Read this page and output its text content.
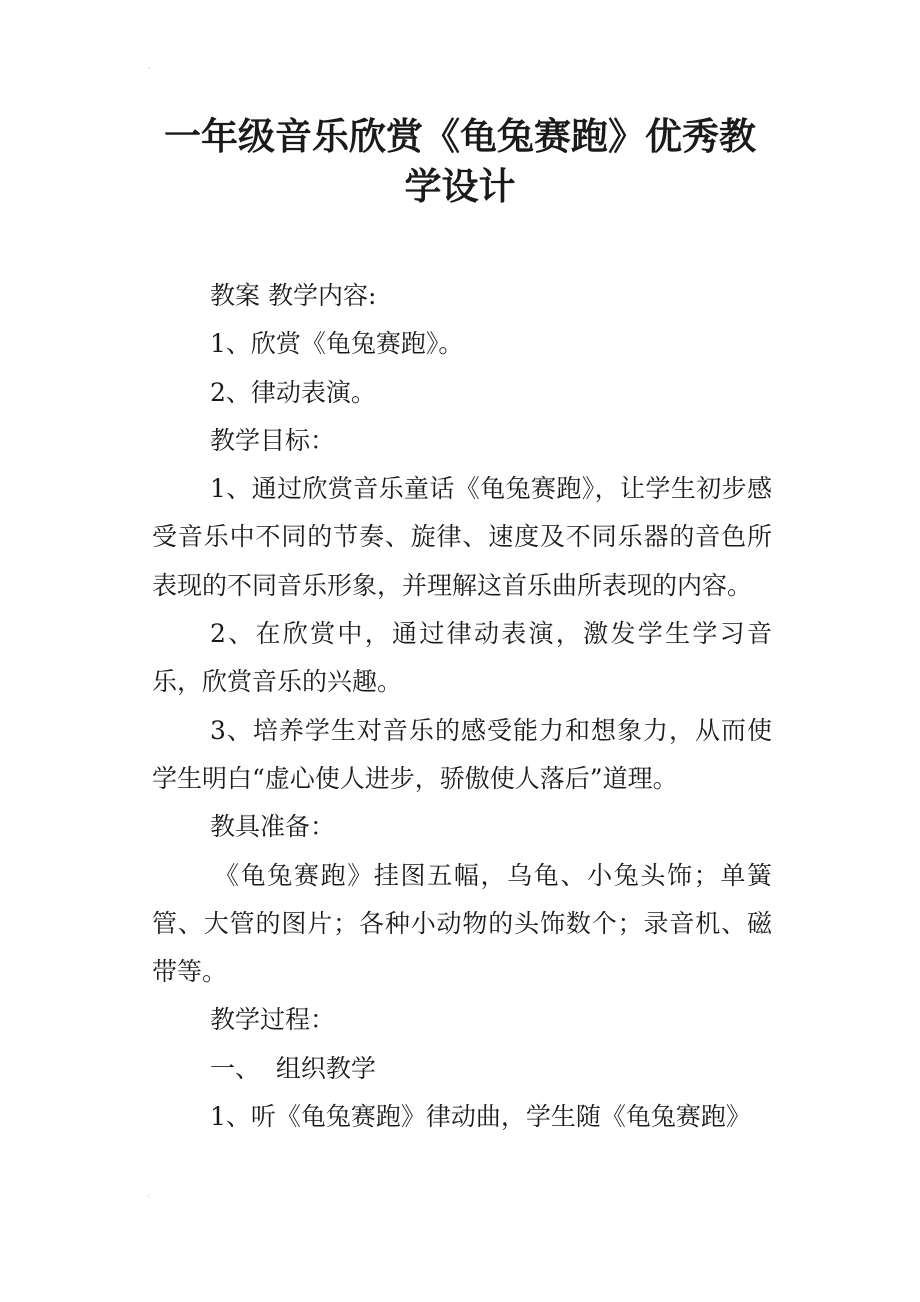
·
一年级音乐欣赏《龟兔赛跑》优秀教
学设计

教案 教学内容:

1、欣赏《龟兔赛跑》。

2、律动表演。

教学目标：

1、通过欣赏音乐童话《龟兔赛跑》，让学生初步感受音乐中不同的节奏、旋律、速度及不同乐器的音色所表现的不同音乐形象，并理解这首乐曲所表现的内容。

2、在欣赏中，通过律动表演，激发学生学习音乐，欣赏音乐的兴趣。

3、培养学生对音乐的感受能力和想象力，从而使学生明白“虚心使人进步，骄傲使人落后”道理。

教具准备：

《龟兔赛跑》挂图五幅，乌龟、小兔头饰；单簧管、大管的图片；各种小动物的头饰数个；录音机、磁带等。

教学过程：

一、  组织教学

1、听《龟兔赛跑》律动曲，学生随《龟兔赛跑》

⁖
